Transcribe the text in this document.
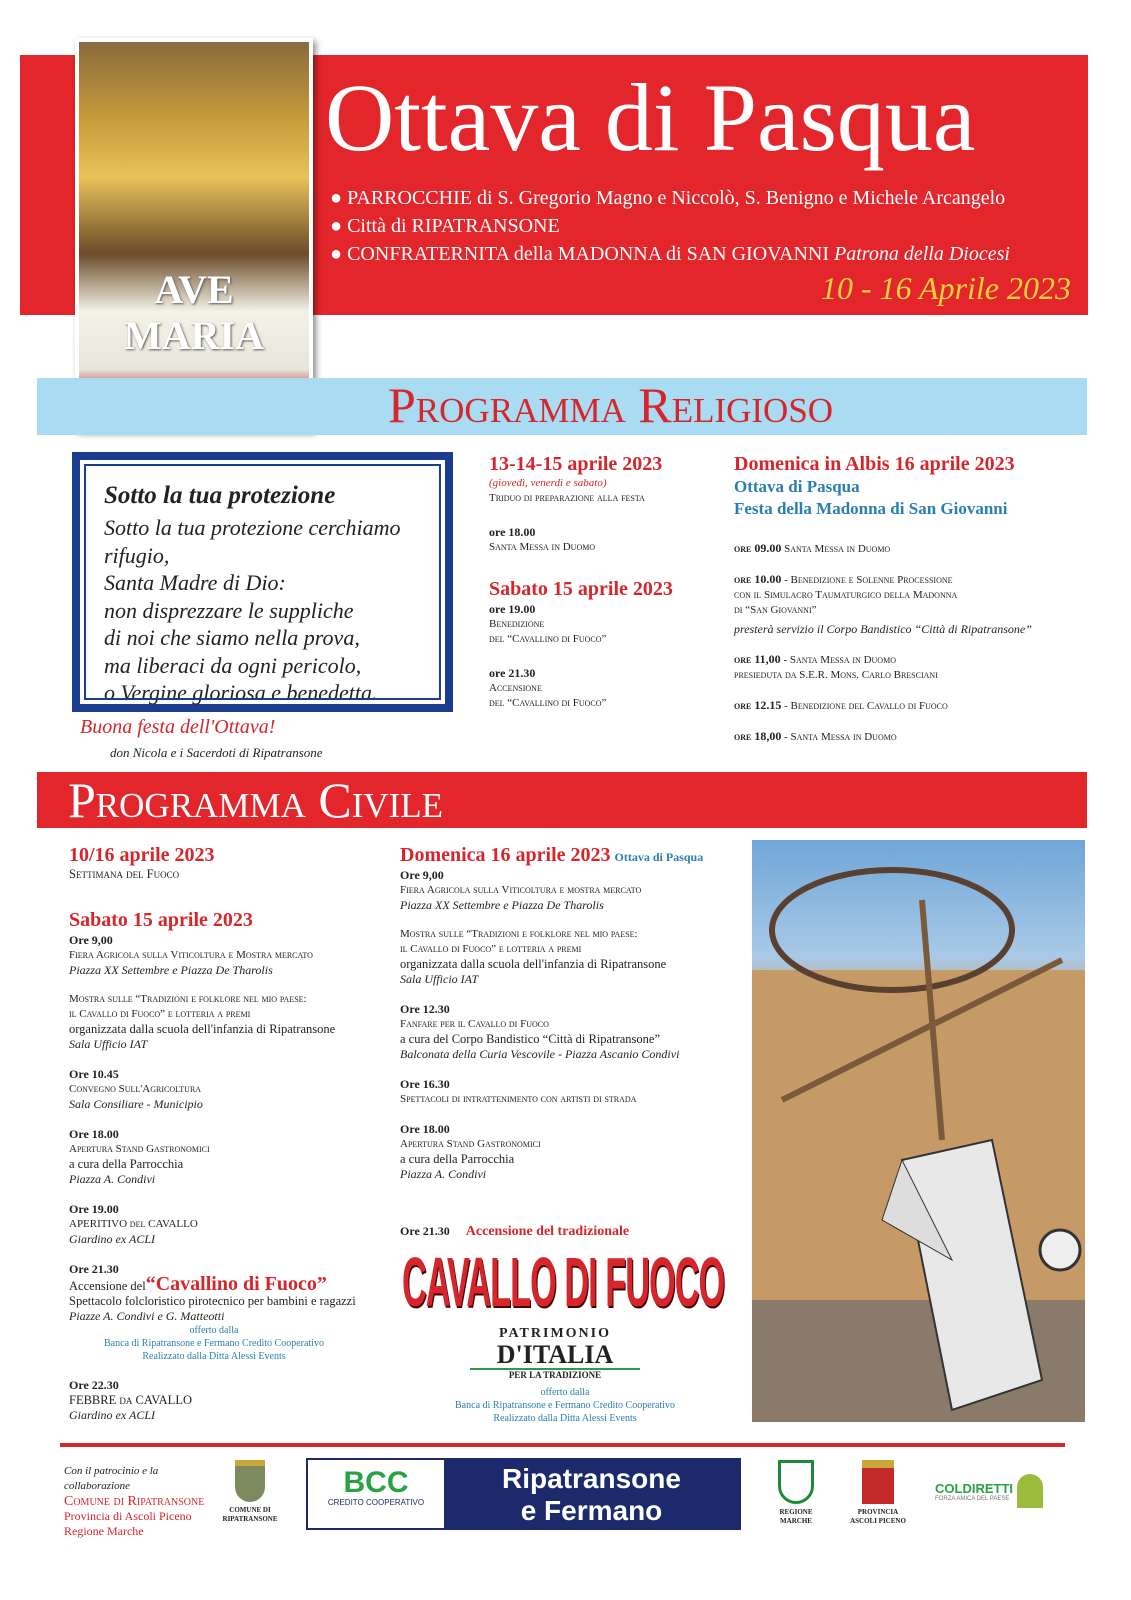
AVE
MARIA
Ottava di Pasqua
● PARROCCHIE di S. Gregorio Magno e Niccolò, S. Benigno e Michele Arcangelo
● Città di RIPATRANSONE
● CONFRATERNITA della MADONNA di SAN GIOVANNI Patrona della Diocesi
10 - 16 Aprile 2023
Programma Religioso
Sotto la tua protezione

Sotto la tua protezione cerchiamo rifugio,

Santa Madre di Dio:

non disprezzare le suppliche

di noi che siamo nella prova,

ma liberaci da ogni pericolo,

o Vergine gloriosa e benedetta.

Buona festa dell'Ottava!
don Nicola e i Sacerdoti di Ripatransone
13-14-15 aprile 2023
(giovedì, venerdì e sabato)
Triduo di preparazione alla festa
ore 18.00
Santa Messa in Duomo
Sabato 15 aprile 2023
ore 19.00
Benedizione
del “Cavallino di Fuoco”
ore 21.30
Accensione
del “Cavallino di Fuoco”
Domenica in Albis 16 aprile 2023
Ottava di Pasqua
Festa della Madonna di San Giovanni
ore 09.00 Santa Messa in Duomo
ore 10.00 - Benedizione e Solenne Processione
con il Simulacro Taumaturgico della Madonna
di “San Giovanni”
presterà servizio il Corpo Bandistico “Città di Ripatransone”
ore 11,00 - Santa Messa in Duomo
presieduta da S.E.R. Mons. Carlo Bresciani
ore 12.15 - Benedizione del Cavallo di Fuoco
ore 18,00 - Santa Messa in Duomo
Programma Civile
10/16 aprile 2023
Settimana del Fuoco
Sabato 15 aprile 2023
Ore 9,00
Fiera Agricola sulla Viticoltura e Mostra mercato
Piazza XX Settembre e Piazza De Tharolis
Mostra sulle “Tradizioni e folklore nel mio paese:
il Cavallo di Fuoco” e lotteria a premi
organizzata dalla scuola dell'infanzia di Ripatransone
Sala Ufficio IAT
Ore 10.45
Convegno Sull'Agricoltura
Sala Consiliare - Municipio
Ore 18.00
Apertura Stand Gastronomici
a cura della Parrocchia
Piazza A. Condivi
Ore 19.00
APERITIVO del CAVALLO
Giardino ex ACLI
Ore 21.30
Accensione del“Cavallino di Fuoco”
Spettacolo folcloristico pirotecnico per bambini e ragazzi
Piazze A. Condivi e G. Matteotti
offerto dalla
Banca di Ripatransone e Fermano Credito Cooperativo
Realizzato dalla Ditta Alessi Events
Ore 22.30
FEBBRE da CAVALLO
Giardino ex ACLI
Domenica 16 aprile 2023 Ottava di Pasqua
Ore 9,00
Fiera Agricola sulla Viticoltura e mostra mercato
Piazza XX Settembre e Piazza De Tharolis
Mostra sulle “Tradizioni e folklore nel mio paese:
il Cavallo di Fuoco” e lotteria a premi
organizzata dalla scuola dell'infanzia di Ripatransone
Sala Ufficio IAT
Ore 12.30
Fanfare per il Cavallo di Fuoco
a cura del Corpo Bandistico “Città di Ripatransone”
Balconata della Curia Vescovile - Piazza Ascanio Condivi
Ore 16.30
Spettacoli di intrattenimento con artisti di strada
Ore 18.00
Apertura Stand Gastronomici
a cura della Parrocchia
Piazza A. Condivi
Ore 21.30 Accensione del tradizionale
CAVALLO DI FUOCO
PATRIMONIO
D'ITALIA
PER LA TRADIZIONE
offerto dalla
Banca di Ripatransone e Fermano Credito Cooperativo
Realizzato dalla Ditta Alessi Events
Con il patrocinio e la collaborazione
Comune di Ripatransone
Provincia di Ascoli Piceno
Regione Marche
COMUNE DI RIPATRANSONE
BCC
CREDITO COOPERATIVO
Ripatransone
e Fermano	REGIONE MARCHE
PROVINCIA ASCOLI PICENO
COLDIRETTI
FORZA AMICA DEL PAESE
